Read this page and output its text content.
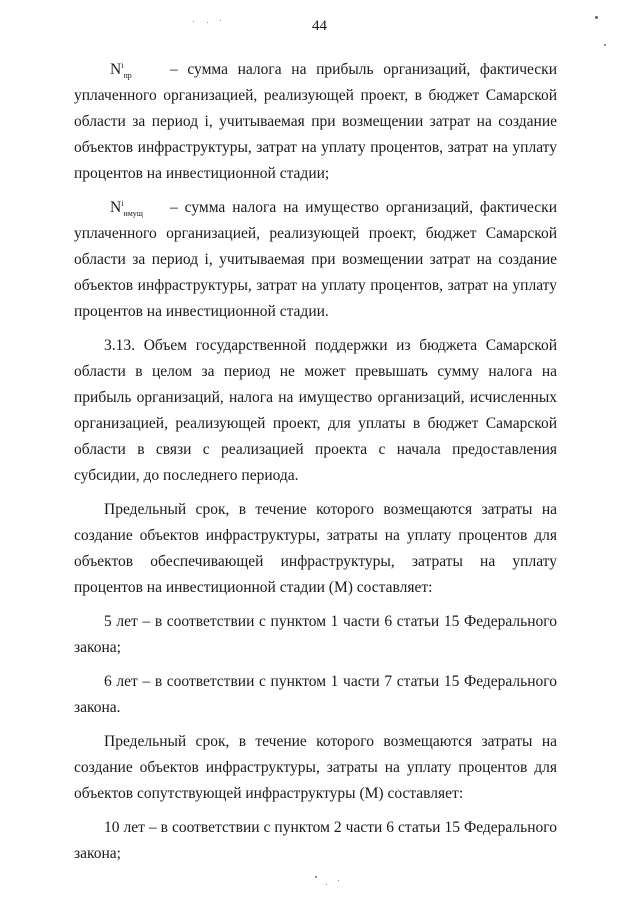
44
$N^i_{пр}$	– сумма налога на прибыль организаций, фактически

уплаченного организацией, реализующей проект, в бюджет Самарской области за период i, учитываемая при возмещении затрат на создание объектов инфраструктуры, затрат на уплату процентов, затрат на уплату процентов на инвестиционной стадии;

$N^i_{имущ}$	– сумма налога на имущество организаций, фактически

уплаченного организацией, реализующей проект, бюджет Самарской области за период i, учитываемая при возмещении затрат на создание объектов инфраструктуры, затрат на уплату процентов, затрат на уплату процентов на инвестиционной стадии.

3.13. Объем государственной поддержки из бюджета Самарской области в целом за период не может превышать сумму налога на прибыль организаций, налога на имущество организаций, исчисленных организацией, реализующей проект, для уплаты в бюджет Самарской области в связи с реализацией проекта с начала предоставления субсидии, до последнего периода.

Предельный срок, в течение которого возмещаются затраты на создание объектов инфраструктуры, затраты на уплату процентов для объектов обеспечивающей инфраструктуры, затраты на уплату процентов на инвестиционной стадии (М) составляет:

5 лет – в соответствии с пунктом 1 части 6 статьи 15 Федерального закона;

6 лет – в соответствии с пунктом 1 части 7 статьи 15 Федерального закона.

Предельный срок, в течение которого возмещаются затраты на создание объектов инфраструктуры, затраты на уплату процентов для объектов сопутствующей инфраструктуры (М) составляет:

10 лет – в соответствии с пунктом 2 части 6 статьи 15 Федерального закона;
